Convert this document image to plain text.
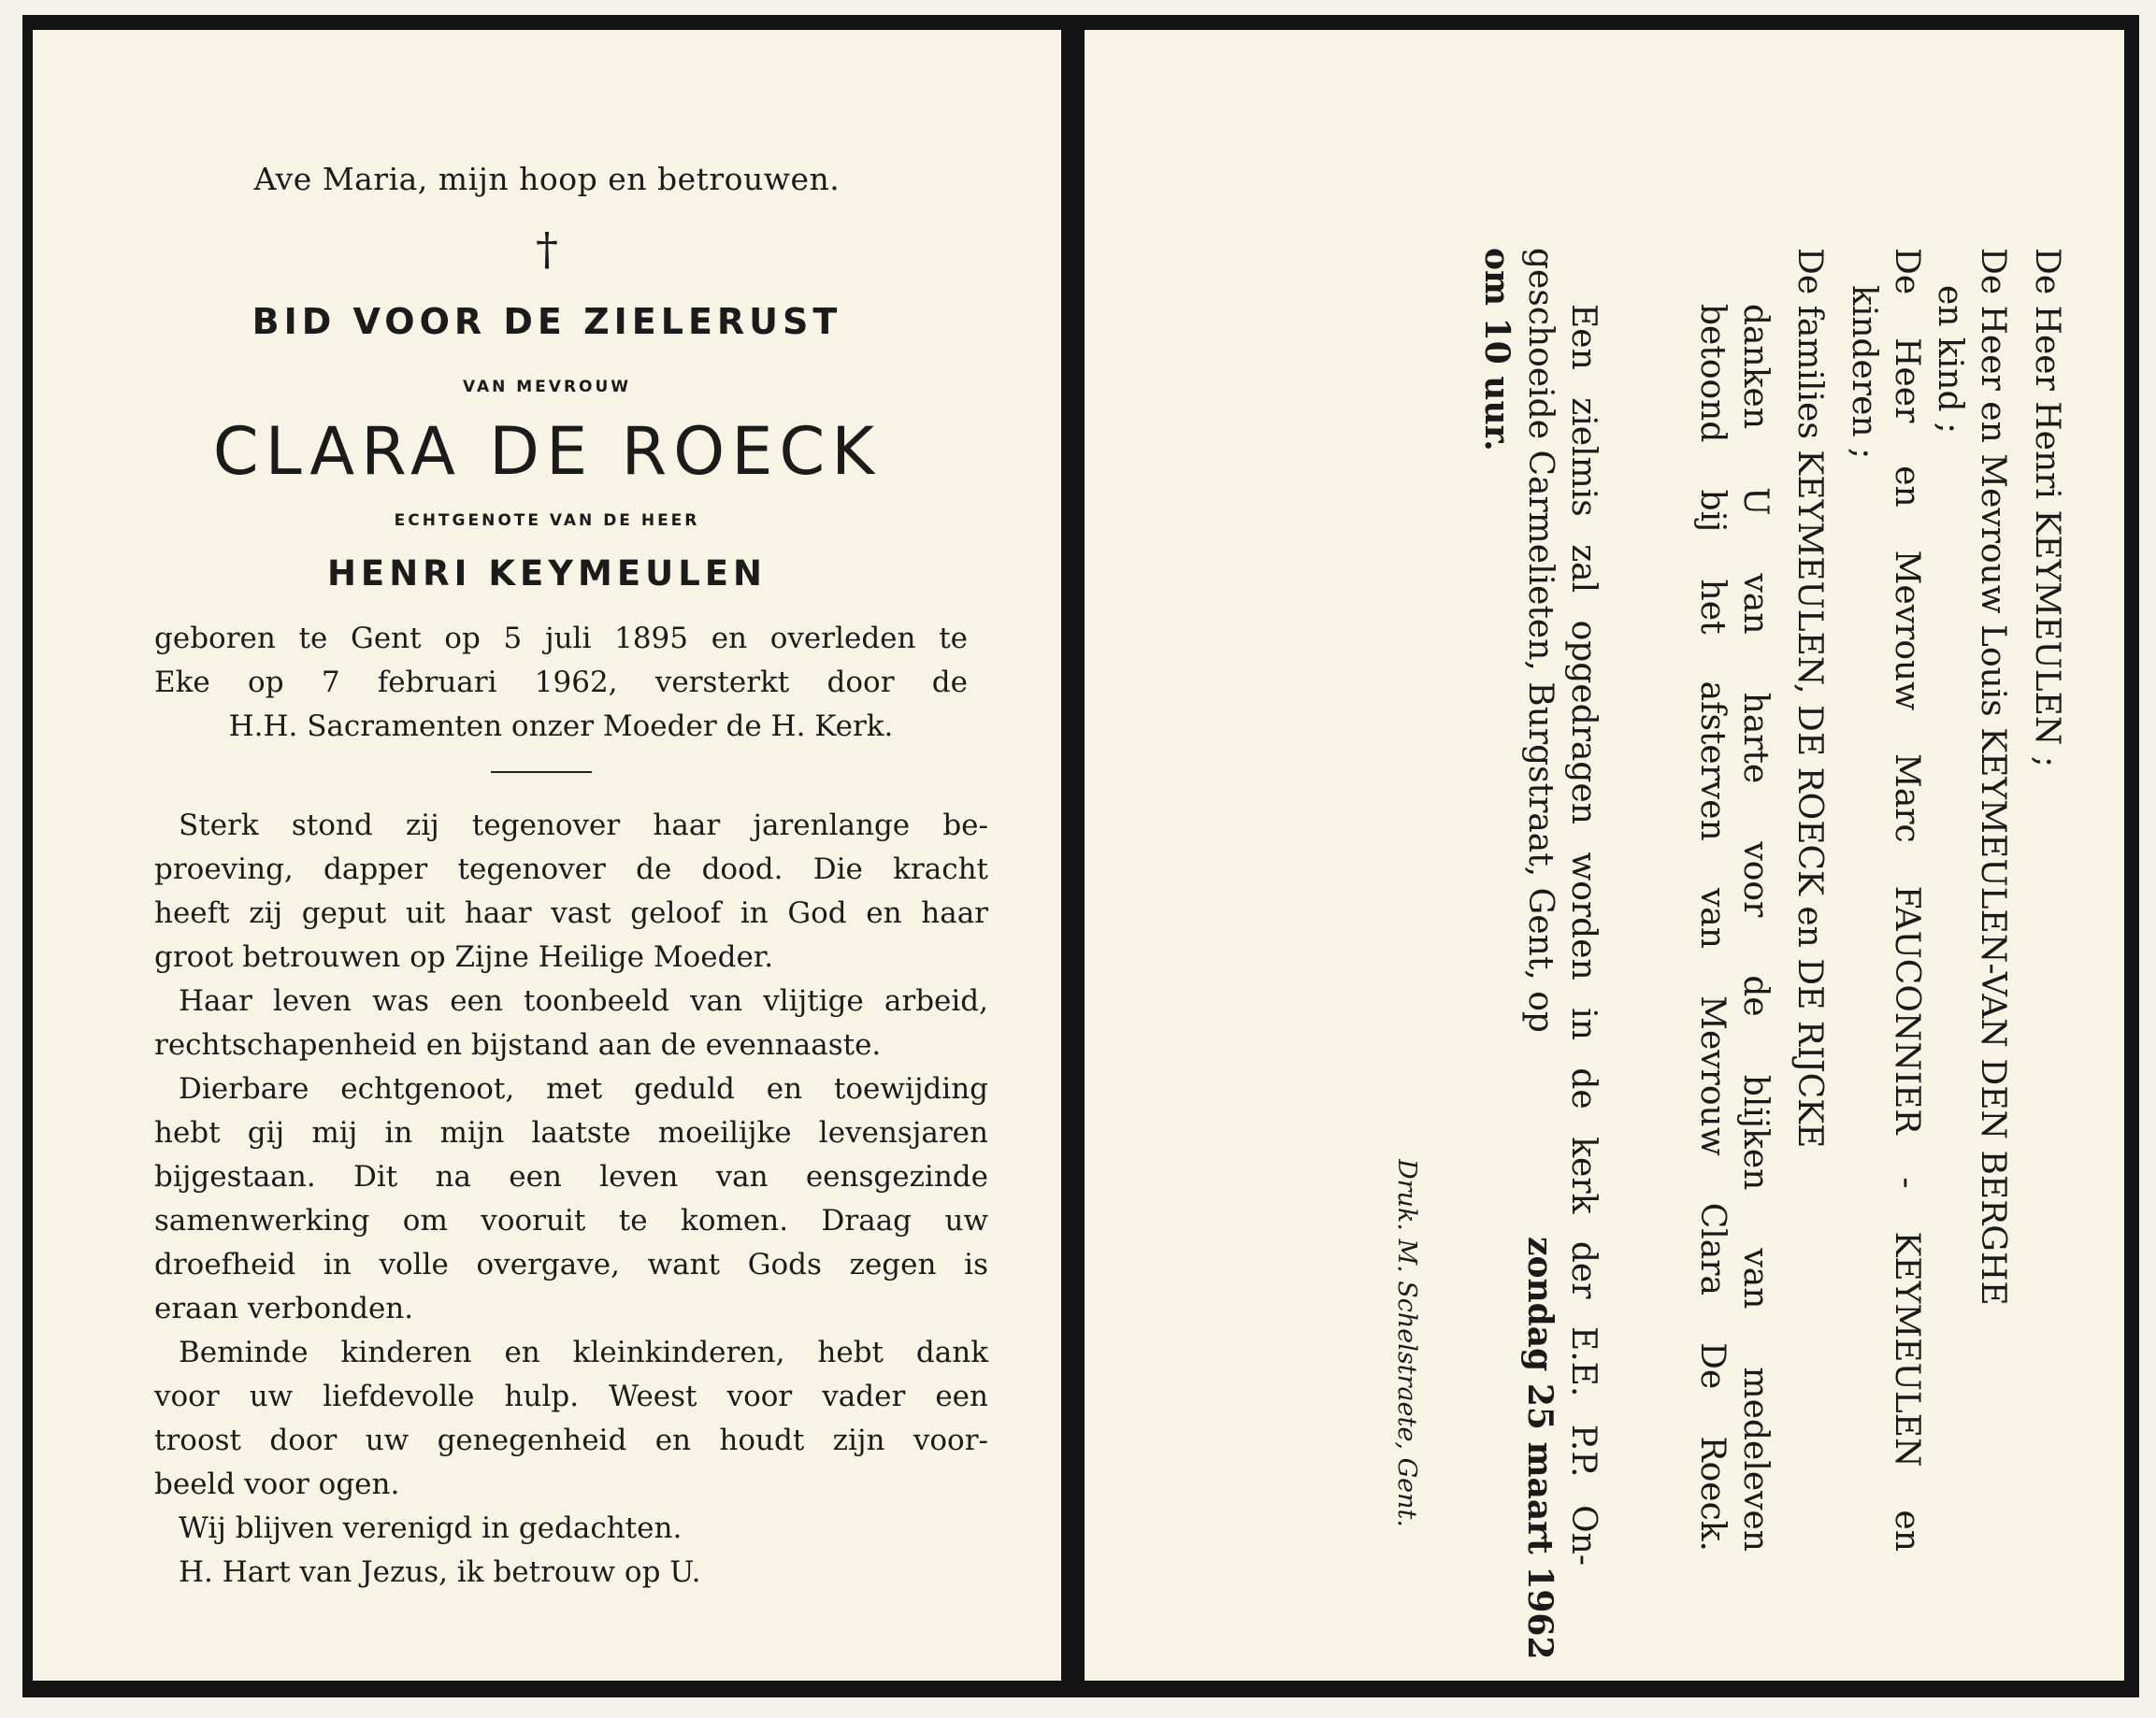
Ave Maria, mijn hoop en betrouwen.
†
BID VOOR DE ZIELERUST
VAN MEVROUW
CLARA DE ROECK
ECHTGENOTE VAN DE HEER
HENRI KEYMEULEN
geboren te Gent op 5 juli 1895 en overleden te
Eke op 7 februari 1962, versterkt door de
H.H. Sacramenten onzer Moeder de H. Kerk.
Sterk stond zij tegenover haar jarenlange be-
proeving, dapper tegenover de dood. Die kracht
heeft zij geput uit haar vast geloof in God en haar
groot betrouwen op Zijne Heilige Moeder.
Haar leven was een toonbeeld van vlijtige arbeid,
rechtschapenheid en bijstand aan de evennaaste.
Dierbare echtgenoot, met geduld en toewijding
hebt gij mij in mijn laatste moeilijke levensjaren
bijgestaan. Dit na een leven van eensgezinde
samenwerking om vooruit te komen. Draag uw
droefheid in volle overgave, want Gods zegen is
eraan verbonden.
Beminde kinderen en kleinkinderen, hebt dank
voor uw liefdevolle hulp. Weest voor vader een
troost door uw genegenheid en houdt zijn voor-
beeld voor ogen.
Wij blijven verenigd in gedachten.
H. Hart van Jezus, ik betrouw op U.
De Heer Henri KEYMEULEN ;
De Heer en Mevrouw Louis KEYMEULEN-VAN DEN BERGHE
en kind ;
De Heer en Mevrouw Marc FAUCONNIER - KEYMEULEN en
kinderen ;
De families KEYMEULEN, DE ROECK en DE RIJCKE
danken U van harte voor de blijken van medeleven
betoond bij het afsterven van Mevrouw Clara De Roeck.
Een zielmis zal opgedragen worden in de kerk der E.E. P.P. On-
geschoeide Carmelieten, Burgstraat, Gent, op
zondag 25 maart 1962
om 10 uur.
Druk. M. Schelstraete, Gent.
